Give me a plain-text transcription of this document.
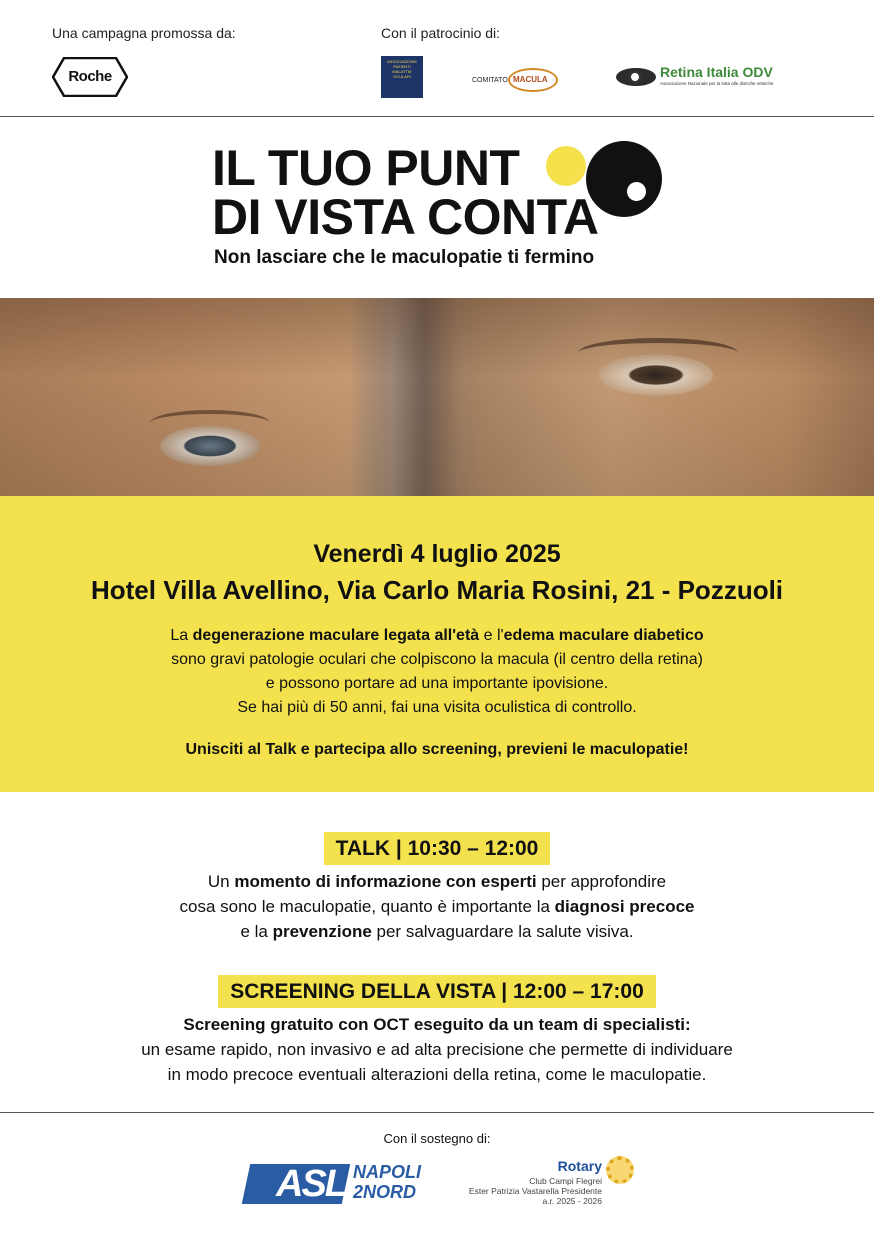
Una campagna promossa da:	Con il patrocinio di:
Roche
ASSOCIAZIONE
PAZIENTI
MALATTIE
OCULARI
COMITATO MACULA	Retina Italia ODV
Associazione Nazionale per la lotta alle distrofie retiniche
IL TUO PUNT
DI VISTA CONTA
Non lasciare che le maculopatie ti fermino
Venerdì 4 luglio 2025
Hotel Villa Avellino, Via Carlo Maria Rosini, 21 - Pozzuoli
La degenerazione maculare legata all'età e l'edema maculare diabetico
sono gravi patologie oculari che colpiscono la macula (il centro della retina)
e possono portare ad una importante ipovisione.
Se hai più di 50 anni, fai una visita oculistica di controllo.
Unisciti al Talk e partecipa allo screening, previeni le maculopatie!
TALK | 10:30 – 12:00
Un momento di informazione con esperti per approfondire
cosa sono le maculopatie, quanto è importante la diagnosi precoce
e la prevenzione per salvaguardare la salute visiva.
SCREENING DELLA VISTA | 12:00 – 17:00
Screening gratuito con OCT eseguito da un team di specialisti:
un esame rapido, non invasivo e ad alta precisione che permette di individuare
in modo precoce eventuali alterazioni della retina, come le maculopatie.
Con il sostegno di:
ASL NAPOLI
2NORD
Rotary
Club Campi Flegrei
Ester Patrizia Vastarella Presidente
a.r. 2025 - 2026
